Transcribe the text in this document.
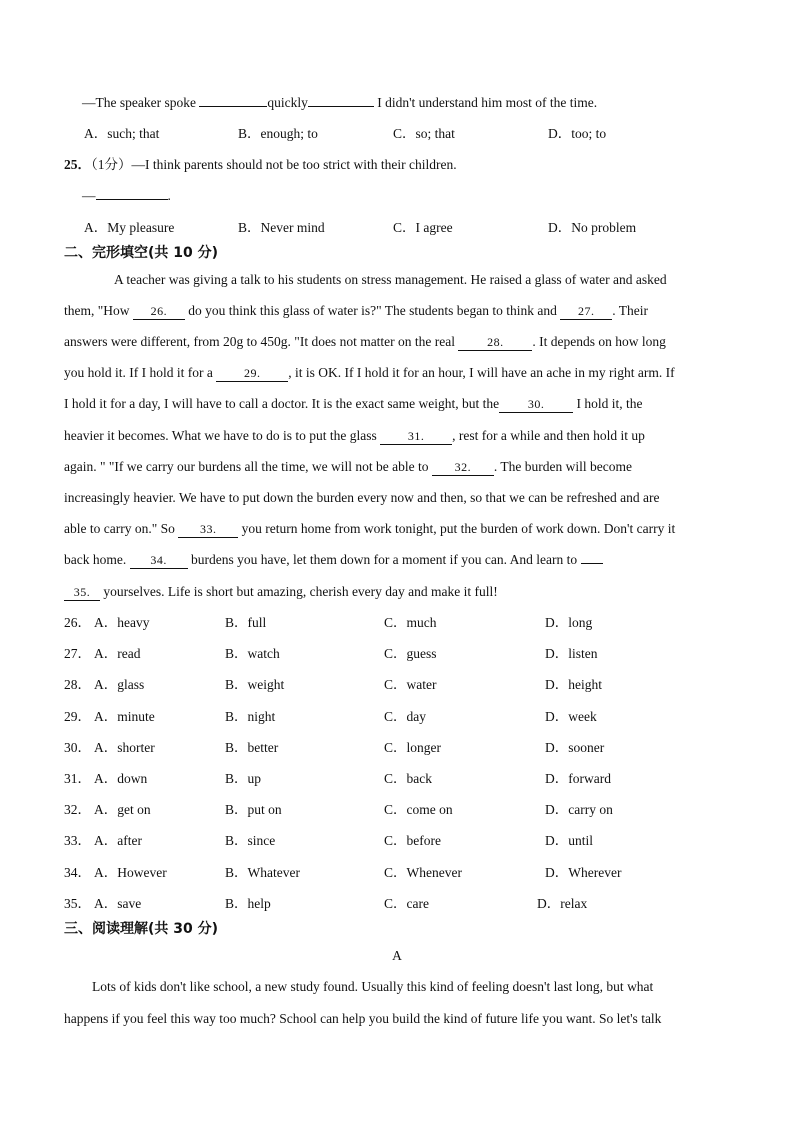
—The speaker spoke	quickly	I didn't understand him most of the time.
A．such; that	B．enough; to	C．so; that	D．too; to
25．（1分）—I think parents should not be too strict with their children.
—	.
A．My pleasure	B．Never mind	C．I agree	D．No problem
二、完形填空(共 10 分)
A teacher was giving a talk to his students on stress management. He raised a glass of water and asked
them, "How 26. do you think this glass of water is?" The students began to think and 27. . Their
answers were different, from 20g to 450g. "It does not matter on the real 28. . It depends on how long
you hold it. If I hold it for a 29. , it is OK. If I hold it for an hour, I will have an ache in my right arm. If
I hold it for a day, I will have to call a doctor. It is the exact same weight, but the 30. I hold it, the
heavier it becomes. What we have to do is to put the glass 31. , rest for a while and then hold it up
again. " "If we carry our burdens all the time, we will not be able to 32. . The burden will become
increasingly heavier. We have to put down the burden every now and then, so that we can be refreshed and are
able to carry on." So 33. you return home from work tonight, put the burden of work down. Don't carry it
back home. 34. burdens you have, let them down for a moment if you can. And learn to
35. yourselves. Life is short but amazing, cherish every day and make it full!
26． A．heavy	B．full	C．much	D．long
27． A．read	B．watch	C．guess	D．listen
28． A．glass	B．weight	C．water	D．height
29． A．minute	B．night	C．day	D．week
30． A．shorter	B．better	C．longer	D．sooner
31． A．down	B．up	C．back	D．forward
32． A．get on	B．put on	C．come on	D．carry on
33． A．after	B．since	C．before	D．until
34． A．However	B．Whatever	C．Whenever	D．Wherever
35． A．save	B．help	C．care	D．relax
三、阅读理解(共 30 分)
A
Lots of kids don't like school, a new study found. Usually this kind of feeling doesn't last long, but what
happens if you feel this way too much? School can help you build the kind of future life you want. So let's talk
